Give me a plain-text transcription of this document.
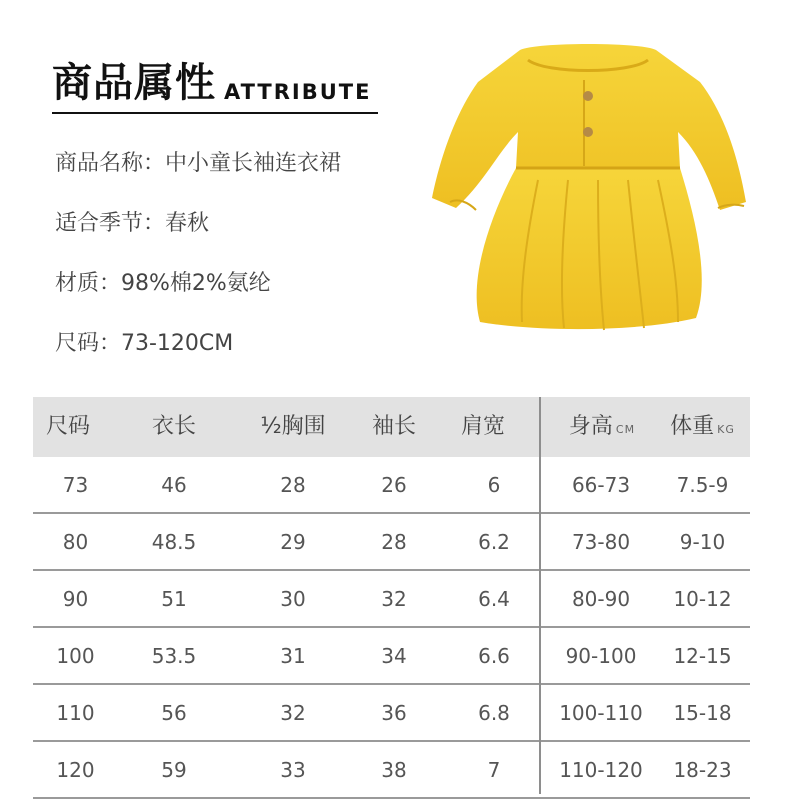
商品属性 ATTRIBUTE
商品名称：中小童长袖连衣裙
适合季节：春秋
材质：98%棉2%氨纶
尺码：73-120CM
尺码	衣长	½胸围	袖长	肩宽	身高 CM	体重 KG
73	46	28	26	6	66-73	7.5-9
80	48.5	29	28	6.2	73-80	9-10
90	51	30	32	6.4	80-90	10-12
100	53.5	31	34	6.6	90-100	12-15
110	56	32	36	6.8	100-110	15-18
120	59	33	38	7	110-120	18-23
